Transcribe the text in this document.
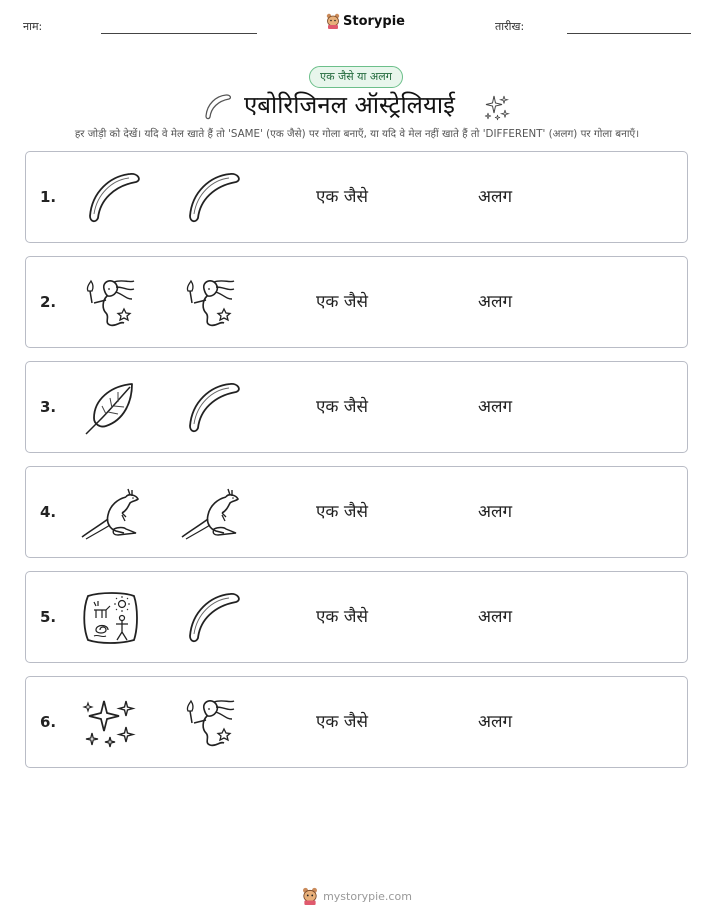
नाम:	Storypie	तारीख:
एक जैसे या अलग
एबोरिजिनल ऑस्ट्रेलियाई
हर जोड़ी को देखें। यदि वे मेल खाते हैं तो 'SAME' (एक जैसे) पर गोला बनाएँ, या यदि वे मेल नहीं खाते हैं तो 'DIFFERENT' (अलग) पर गोला बनाएँ।
1.	एक जैसे	अलग
2.	एक जैसे	अलग
3.	एक जैसे	अलग
4.	एक जैसे	अलग
5.	एक जैसे	अलग
6.	एक जैसे	अलग
mystorypie.com
